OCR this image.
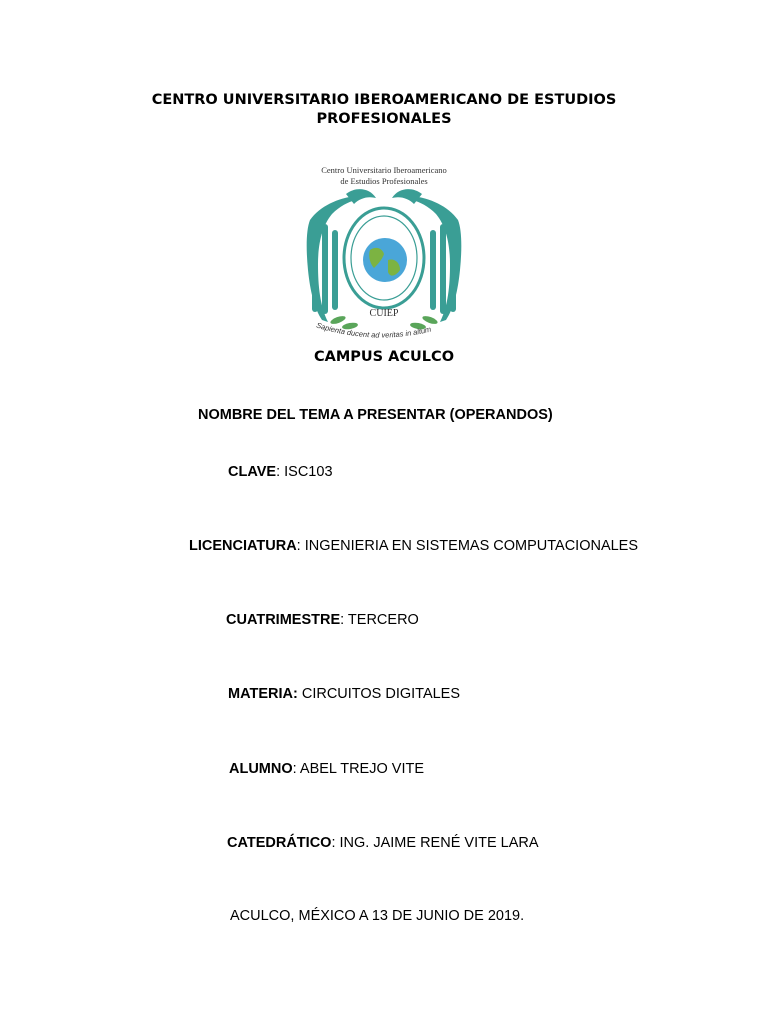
CENTRO UNIVERSITARIO IBEROAMERICANO DE ESTUDIOS
PROFESIONALES
Centro Universitario Iberoamericano
de Estudios Profesionales
CUIEP
Sapienta ducent ad veritas in altum
CAMPUS ACULCO
NOMBRE DEL TEMA A PRESENTAR (OPERANDOS)
CLAVE: ISC103
LICENCIATURA: INGENIERIA EN SISTEMAS COMPUTACIONALES
CUATRIMESTRE: TERCERO
MATERIA: CIRCUITOS DIGITALES
ALUMNO: ABEL TREJO VITE
CATEDRÁTICO: ING. JAIME RENÉ VITE LARA
ACULCO, MÉXICO A 13 DE JUNIO DE 2019.
